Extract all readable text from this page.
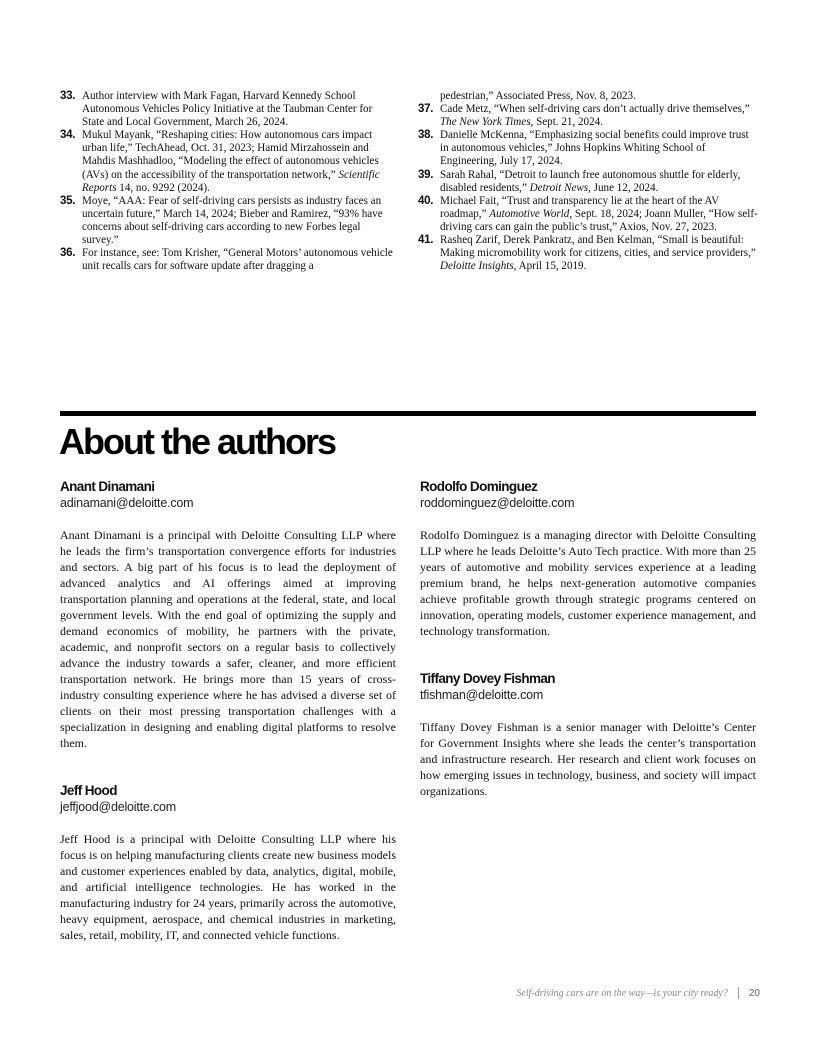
33. Author interview with Mark Fagan, Harvard Kennedy School Autonomous Vehicles Policy Initiative at the Taubman Center for State and Local Government, March 26, 2024.
34. Mukul Mayank, “Reshaping cities: How autonomous cars impact urban life,” TechAhead, Oct. 31, 2023; Hamid Mirzahossein and Mahdis Mashhadloo, “Modeling the effect of autonomous vehicles (AVs) on the accessibility of the transportation network,” Scientific Reports 14, no. 9292 (2024).
35. Moye, “AAA: Fear of self-driving cars persists as industry faces an uncertain future,” March 14, 2024; Bieber and Ramirez, “93% have concerns about self-driving cars according to new Forbes legal survey.”
36. For instance, see: Tom Krisher, “General Motors’ autonomous vehicle unit recalls cars for software update after dragging a
pedestrian,” Associated Press, Nov. 8, 2023.
37. Cade Metz, “When self-driving cars don’t actually drive themselves,” The New York Times, Sept. 21, 2024.
38. Danielle McKenna, “Emphasizing social benefits could improve trust in autonomous vehicles,” Johns Hopkins Whiting School of Engineering, July 17, 2024.
39. Sarah Rahal, “Detroit to launch free autonomous shuttle for elderly, disabled residents,” Detroit News, June 12, 2024.
40. Michael Fait, “Trust and transparency lie at the heart of the AV roadmap,” Automotive World, Sept. 18, 2024; Joann Muller, “How self-driving cars can gain the public’s trust,” Axios, Nov. 27, 2023.
41. Rasheq Zarif, Derek Pankratz, and Ben Kelman, “Small is beautiful: Making micromobility work for citizens, cities, and service providers,” Deloitte Insights, April 15, 2019.
About the authors

Anant Dinamani

adinamani@deloitte.com

Anant Dinamani is a principal with Deloitte Consulting LLP where he leads the firm’s transportation convergence efforts for industries and sectors. A big part of his focus is to lead the deployment of advanced analytics and AI offerings aimed at improving transportation planning and operations at the federal, state, and local government levels. With the end goal of optimizing the supply and demand economics of mobility, he partners with the private, academic, and nonprofit sectors on a regular basis to collectively advance the industry towards a safer, cleaner, and more efficient transportation network. He brings more than 15 years of cross-industry consulting experience where he has advised a diverse set of clients on their most pressing transportation challenges with a specialization in designing and enabling digital platforms to resolve them.

Jeff Hood

jeffjood@deloitte.com

Jeff Hood is a principal with Deloitte Consulting LLP where his focus is on helping manufacturing clients create new business models and customer experiences enabled by data, analytics, digital, mobile, and artificial intelligence technologies. He has worked in the manufacturing industry for 24 years, primarily across the automotive, heavy equipment, aerospace, and chemical industries in marketing, sales, retail, mobility, IT, and connected vehicle functions.

Rodolfo Dominguez

roddominguez@deloitte.com

Rodolfo Dominguez is a managing director with Deloitte Consulting LLP where he leads Deloitte’s Auto Tech practice. With more than 25 years of automotive and mobility services experience at a leading premium brand, he helps next-generation automotive companies achieve profitable growth through strategic programs centered on innovation, operating models, customer experience management, and technology transformation.

Tiffany Dovey Fishman

tfishman@deloitte.com

Tiffany Dovey Fishman is a senior manager with Deloitte’s Center for Government Insights where she leads the center’s transportation and infrastructure research. Her research and client work focuses on how emerging issues in technology, business, and society will impact organizations.

Self-driving cars are on the way—is your city ready? 20
